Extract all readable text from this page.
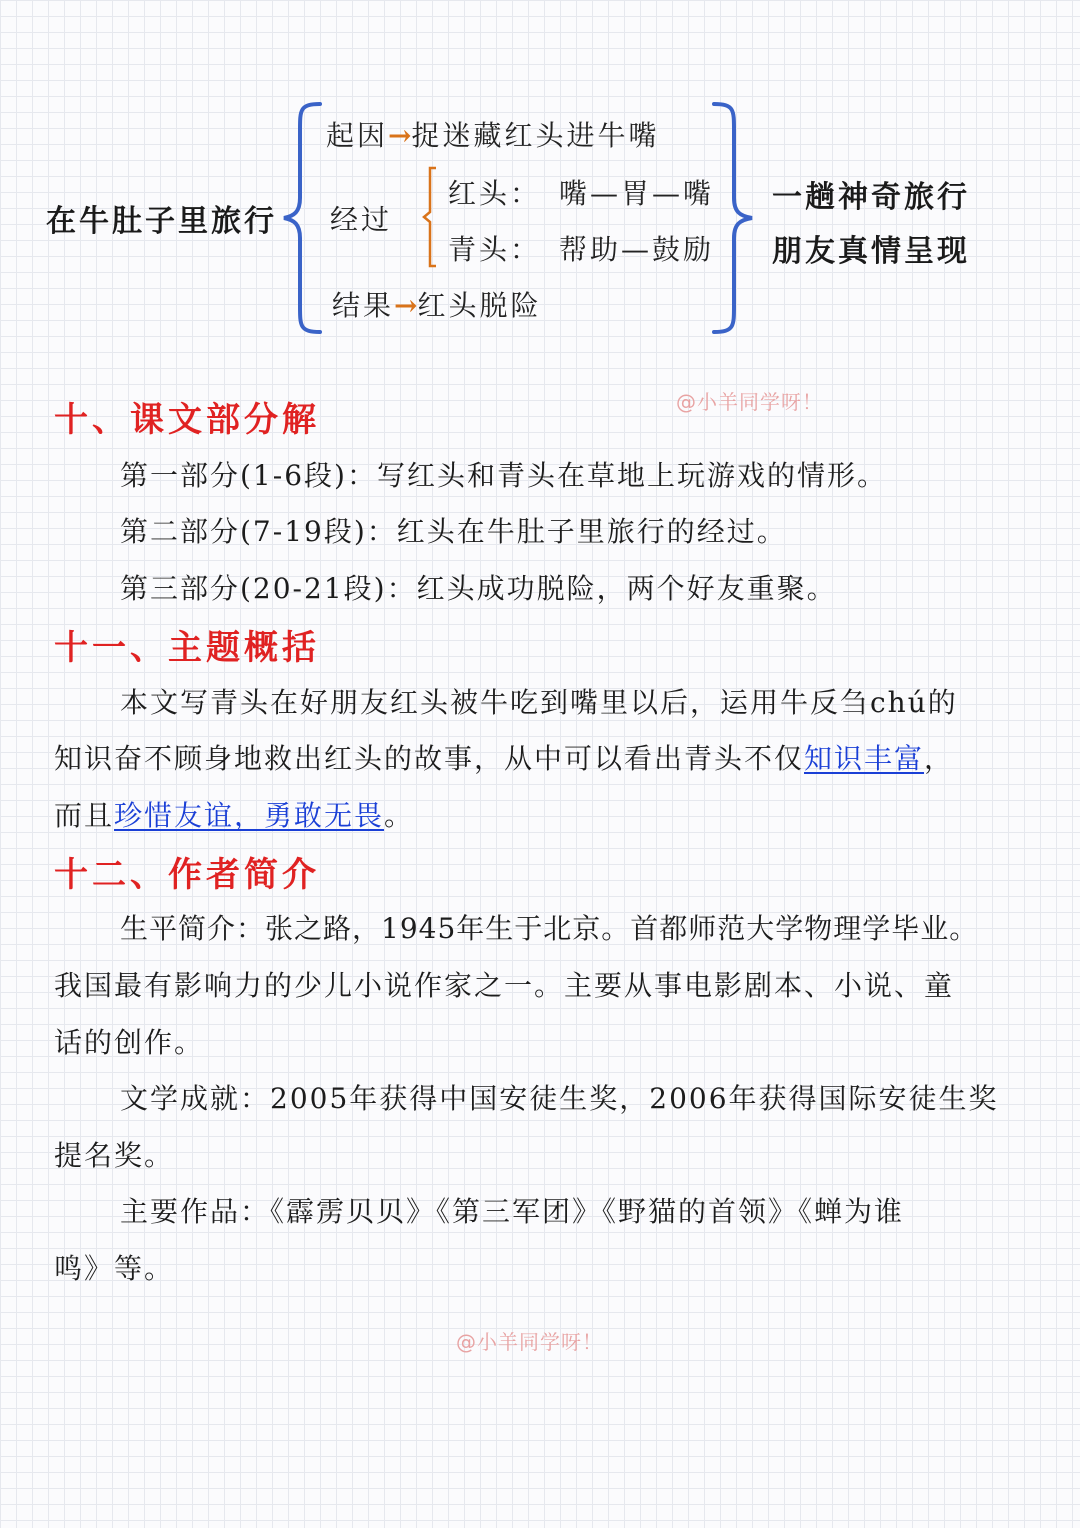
在牛肚子里旅行
起因→捉迷藏红头进牛嘴
经过
红头： 嘴—胃—嘴
青头： 帮助—鼓励
结果→红头脱险
一趟神奇旅行
朋友真情呈现
@小羊同学呀！
十、课文部分解
第一部分(1-6段)：写红头和青头在草地上玩游戏的情形。
第二部分(7-19段)：红头在牛肚子里旅行的经过。
第三部分(20-21段)：红头成功脱险，两个好友重聚。
十一、主题概括
本文写青头在好朋友红头被牛吃到嘴里以后，运用牛反刍chú的
知识奋不顾身地救出红头的故事，从中可以看出青头不仅知识丰富，
而且珍惜友谊，勇敢无畏。
十二、作者简介
生平简介：张之路，1945年生于北京。首都师范大学物理学毕业。
我国最有影响力的少儿小说作家之一。主要从事电影剧本、小说、童
话的创作。
文学成就：2005年获得中国安徒生奖，2006年获得国际安徒生奖
提名奖。
主要作品：《霹雳贝贝》《第三军团》《野猫的首领》《蝉为谁
鸣》等。
@小羊同学呀！
